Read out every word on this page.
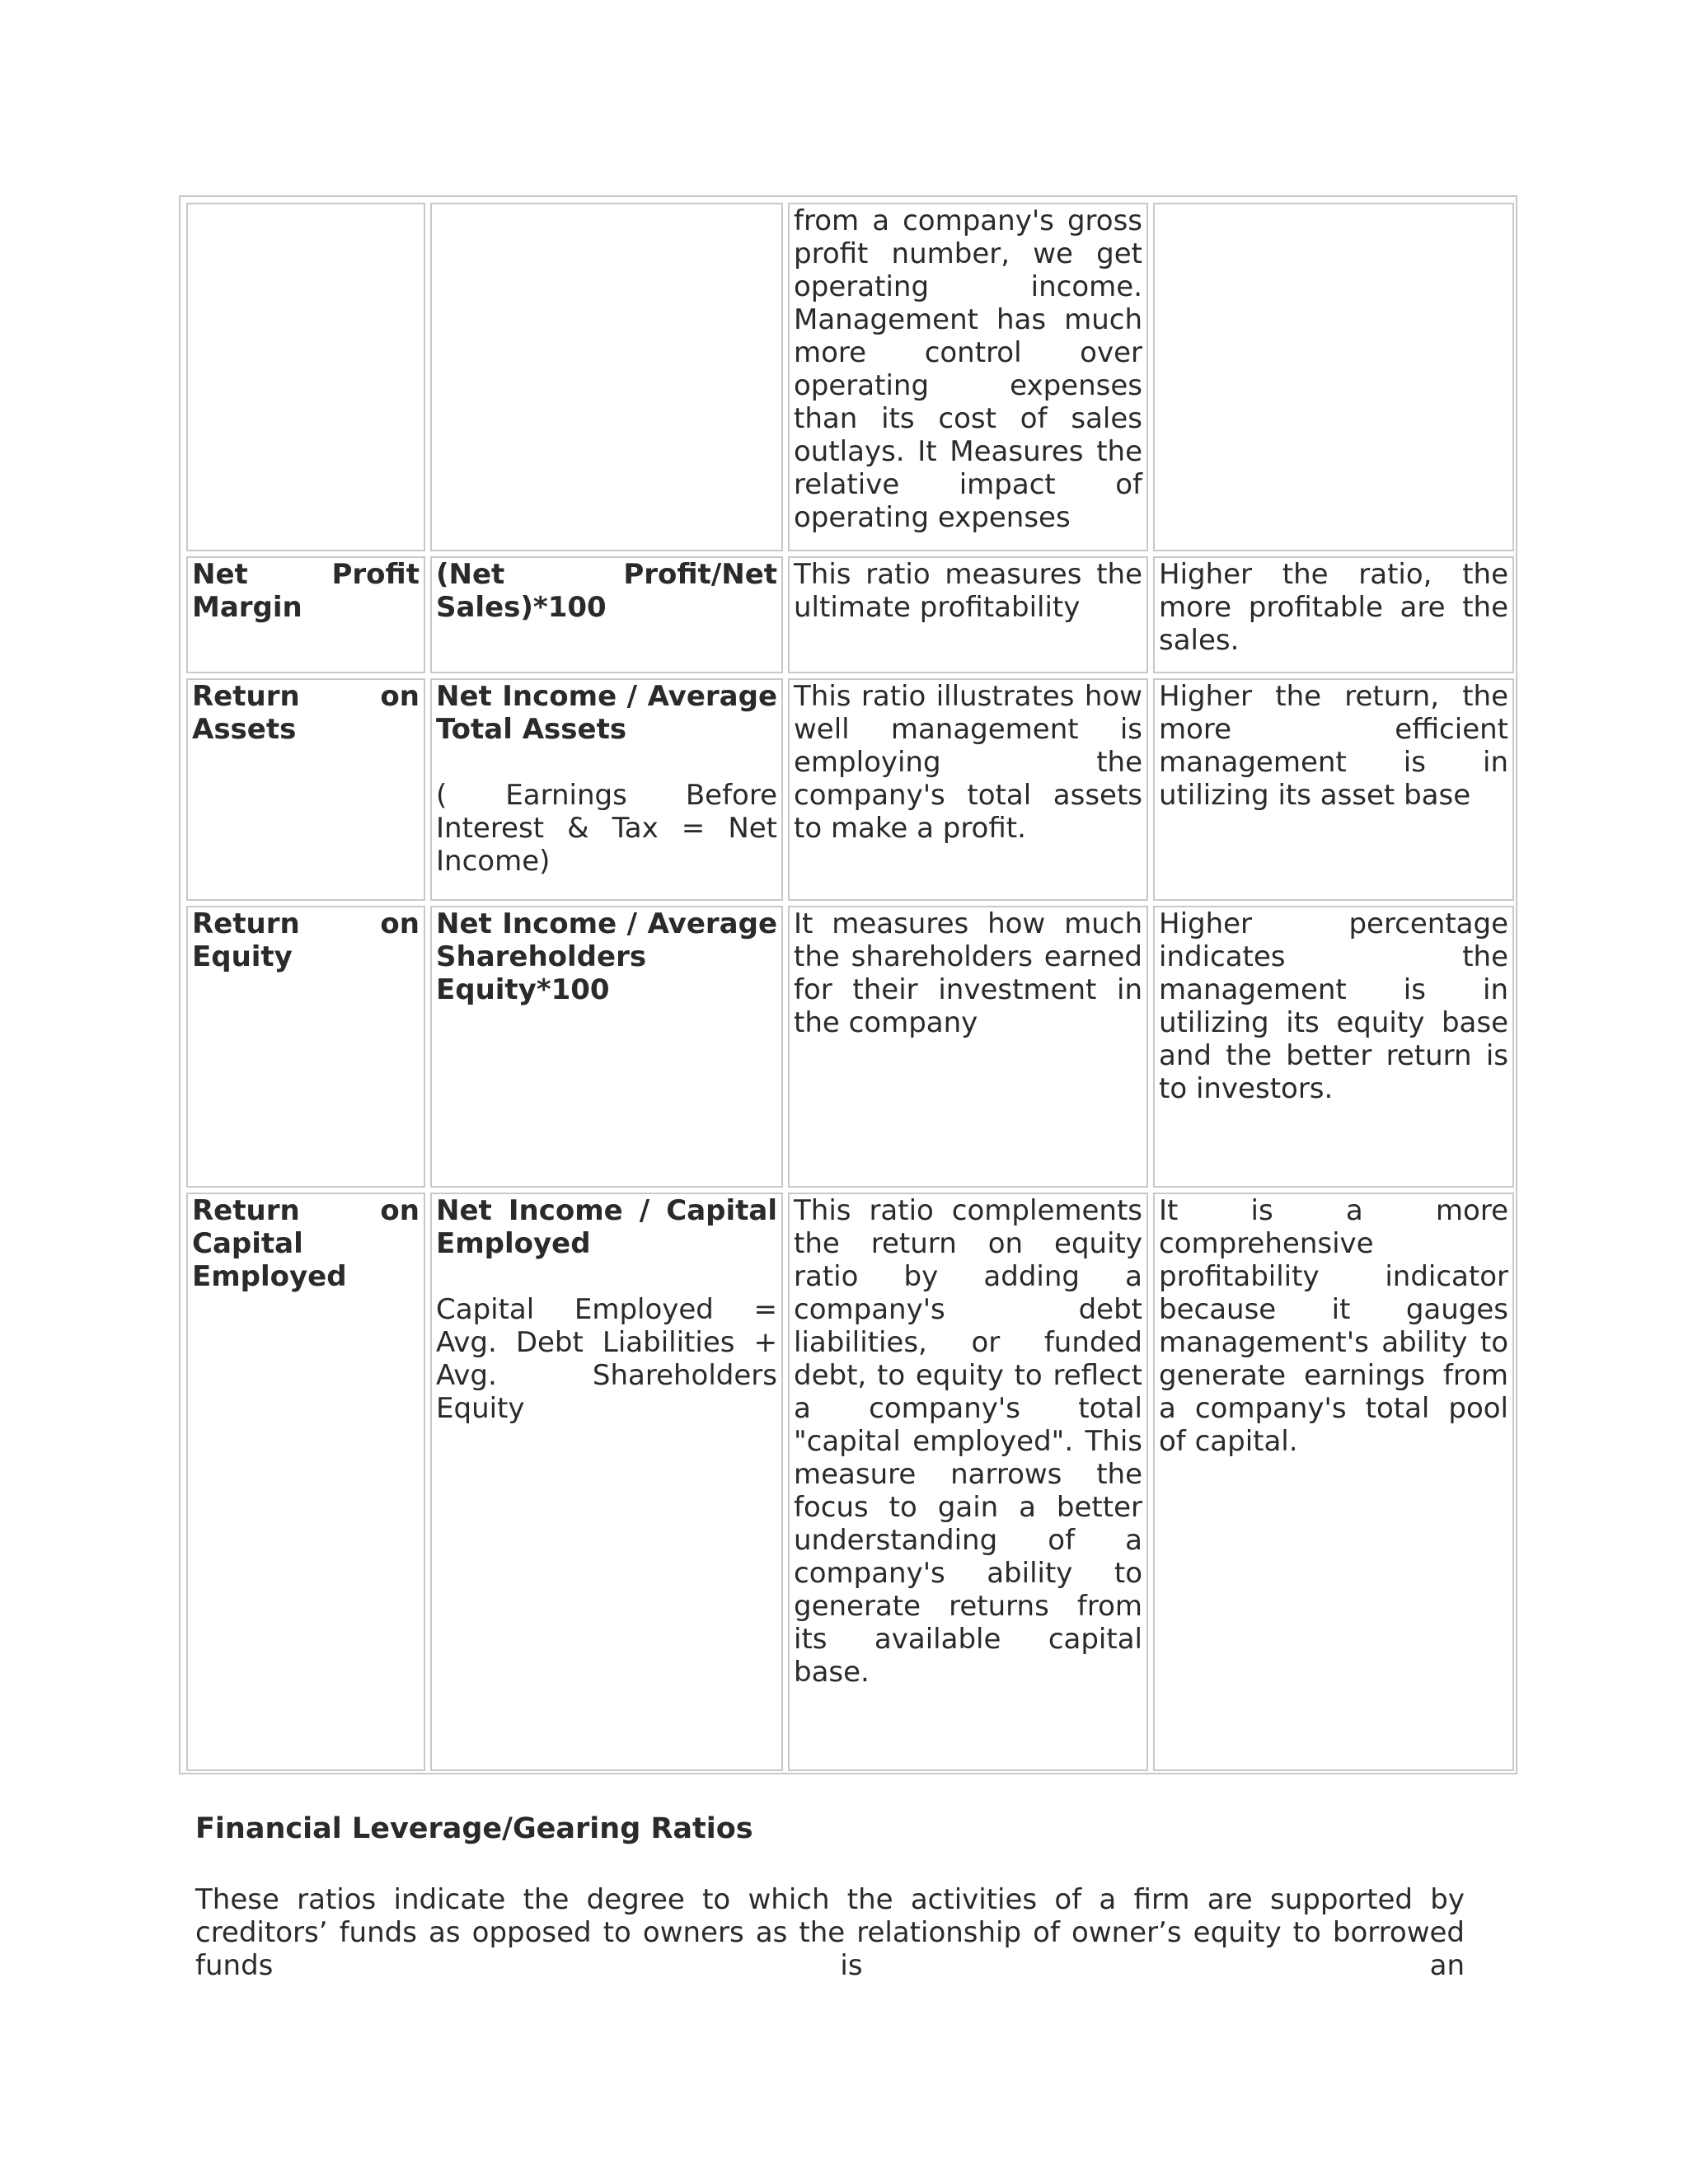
from a company's gross profit number, we get operating income. Management has much more control over operating expenses than its cost of sales outlays. It Measures the relative impact of operating expenses

Net Profit Margin

(Net Profit/Net Sales)*100

This ratio measures the ultimate profitability

Higher the ratio, the more profitable are the sales.

Return on Assets

Net Income / Average Total Assets

( Earnings Before Interest & Tax = Net Income)

This ratio illustrates how well management is employing the company's total assets to make a profit.

Higher the return, the more efficient management is in utilizing its asset base

Return on Equity

Net Income / Average Shareholders Equity*100

It measures how much the shareholders earned for their investment in the company

Higher percentage indicates the management is in utilizing its equity base and the better return is to investors.

Return on Capital Employed

Net Income / Capital Employed

Capital Employed = Avg. Debt Liabilities + Avg. Shareholders Equity

This ratio complements the return on equity ratio by adding a company's debt liabilities, or funded debt, to equity to reflect a company's total "capital employed". This measure narrows the focus to gain a better understanding of a company's ability to generate returns from its available capital base.

It is a more comprehensive profitability indicator because it gauges management's ability to generate earnings from a company's total pool of capital.

Financial Leverage/Gearing Ratios

These ratios indicate the degree to which the activities of a firm are supported by creditors’ funds as opposed to owners as the relationship of owner’s equity to borrowed funds is an
